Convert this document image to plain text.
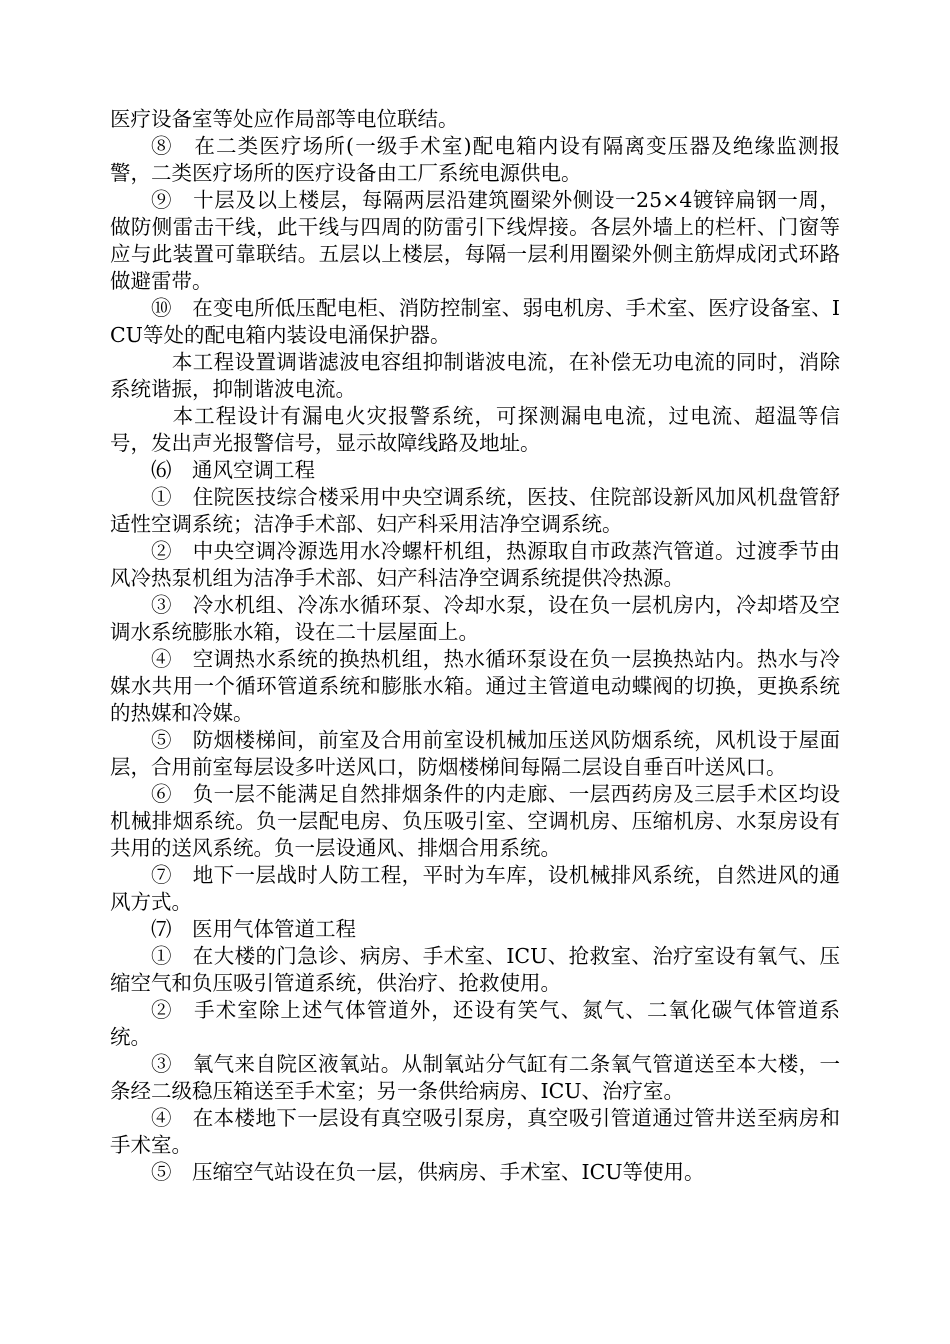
医疗设备室等处应作局部等电位联结。

⑧　在二类医疗场所(一级手术室)配电箱内设有隔离变压器及绝缘监测报警，二类医疗场所的医疗设备由工厂系统电源供电。

⑨　十层及以上楼层，每隔两层沿建筑圈梁外侧设一25×4镀锌扁钢一周，做防侧雷击干线，此干线与四周的防雷引下线焊接。各层外墙上的栏杆、门窗等应与此装置可靠联结。五层以上楼层，每隔一层利用圈梁外侧主筋焊成闭式环路做避雷带。

⑩　在变电所低压配电柜、消防控制室、弱电机房、手术室、医疗设备室、ICU等处的配电箱内装设电涌保护器。

　本工程设置调谐滤波电容组抑制谐波电流，在补偿无功电流的同时，消除系统谐振，抑制谐波电流。

　本工程设计有漏电火灾报警系统，可探测漏电电流，过电流、超温等信号，发出声光报警信号，显示故障线路及地址。

⑹　通风空调工程

①　住院医技综合楼采用中央空调系统，医技、住院部设新风加风机盘管舒适性空调系统；洁净手术部、妇产科采用洁净空调系统。

②　中央空调冷源选用水冷螺杆机组，热源取自市政蒸汽管道。过渡季节由风冷热泵机组为洁净手术部、妇产科洁净空调系统提供冷热源。

③　冷水机组、冷冻水循环泵、冷却水泵，设在负一层机房内，冷却塔及空调水系统膨胀水箱，设在二十层屋面上。

④　空调热水系统的换热机组，热水循环泵设在负一层换热站内。热水与冷媒水共用一个循环管道系统和膨胀水箱。通过主管道电动蝶阀的切换，更换系统的热媒和冷媒。

⑤　防烟楼梯间，前室及合用前室设机械加压送风防烟系统，风机设于屋面层，合用前室每层设多叶送风口，防烟楼梯间每隔二层设自垂百叶送风口。

⑥　负一层不能满足自然排烟条件的内走廊、一层西药房及三层手术区均设机械排烟系统。负一层配电房、负压吸引室、空调机房、压缩机房、水泵房设有共用的送风系统。负一层设通风、排烟合用系统。

⑦　地下一层战时人防工程，平时为车库，设机械排风系统，自然进风的通风方式。

⑺　医用气体管道工程

①　在大楼的门急诊、病房、手术室、ICU、抢救室、治疗室设有氧气、压缩空气和负压吸引管道系统，供治疗、抢救使用。

②　手术室除上述气体管道外，还设有笑气、氮气、二氧化碳气体管道系统。

③　氧气来自院区液氧站。从制氧站分气缸有二条氧气管道送至本大楼，一条经二级稳压箱送至手术室；另一条供给病房、ICU、治疗室。

④　在本楼地下一层设有真空吸引泵房，真空吸引管道通过管井送至病房和手术室。

⑤　压缩空气站设在负一层，供病房、手术室、ICU等使用。
